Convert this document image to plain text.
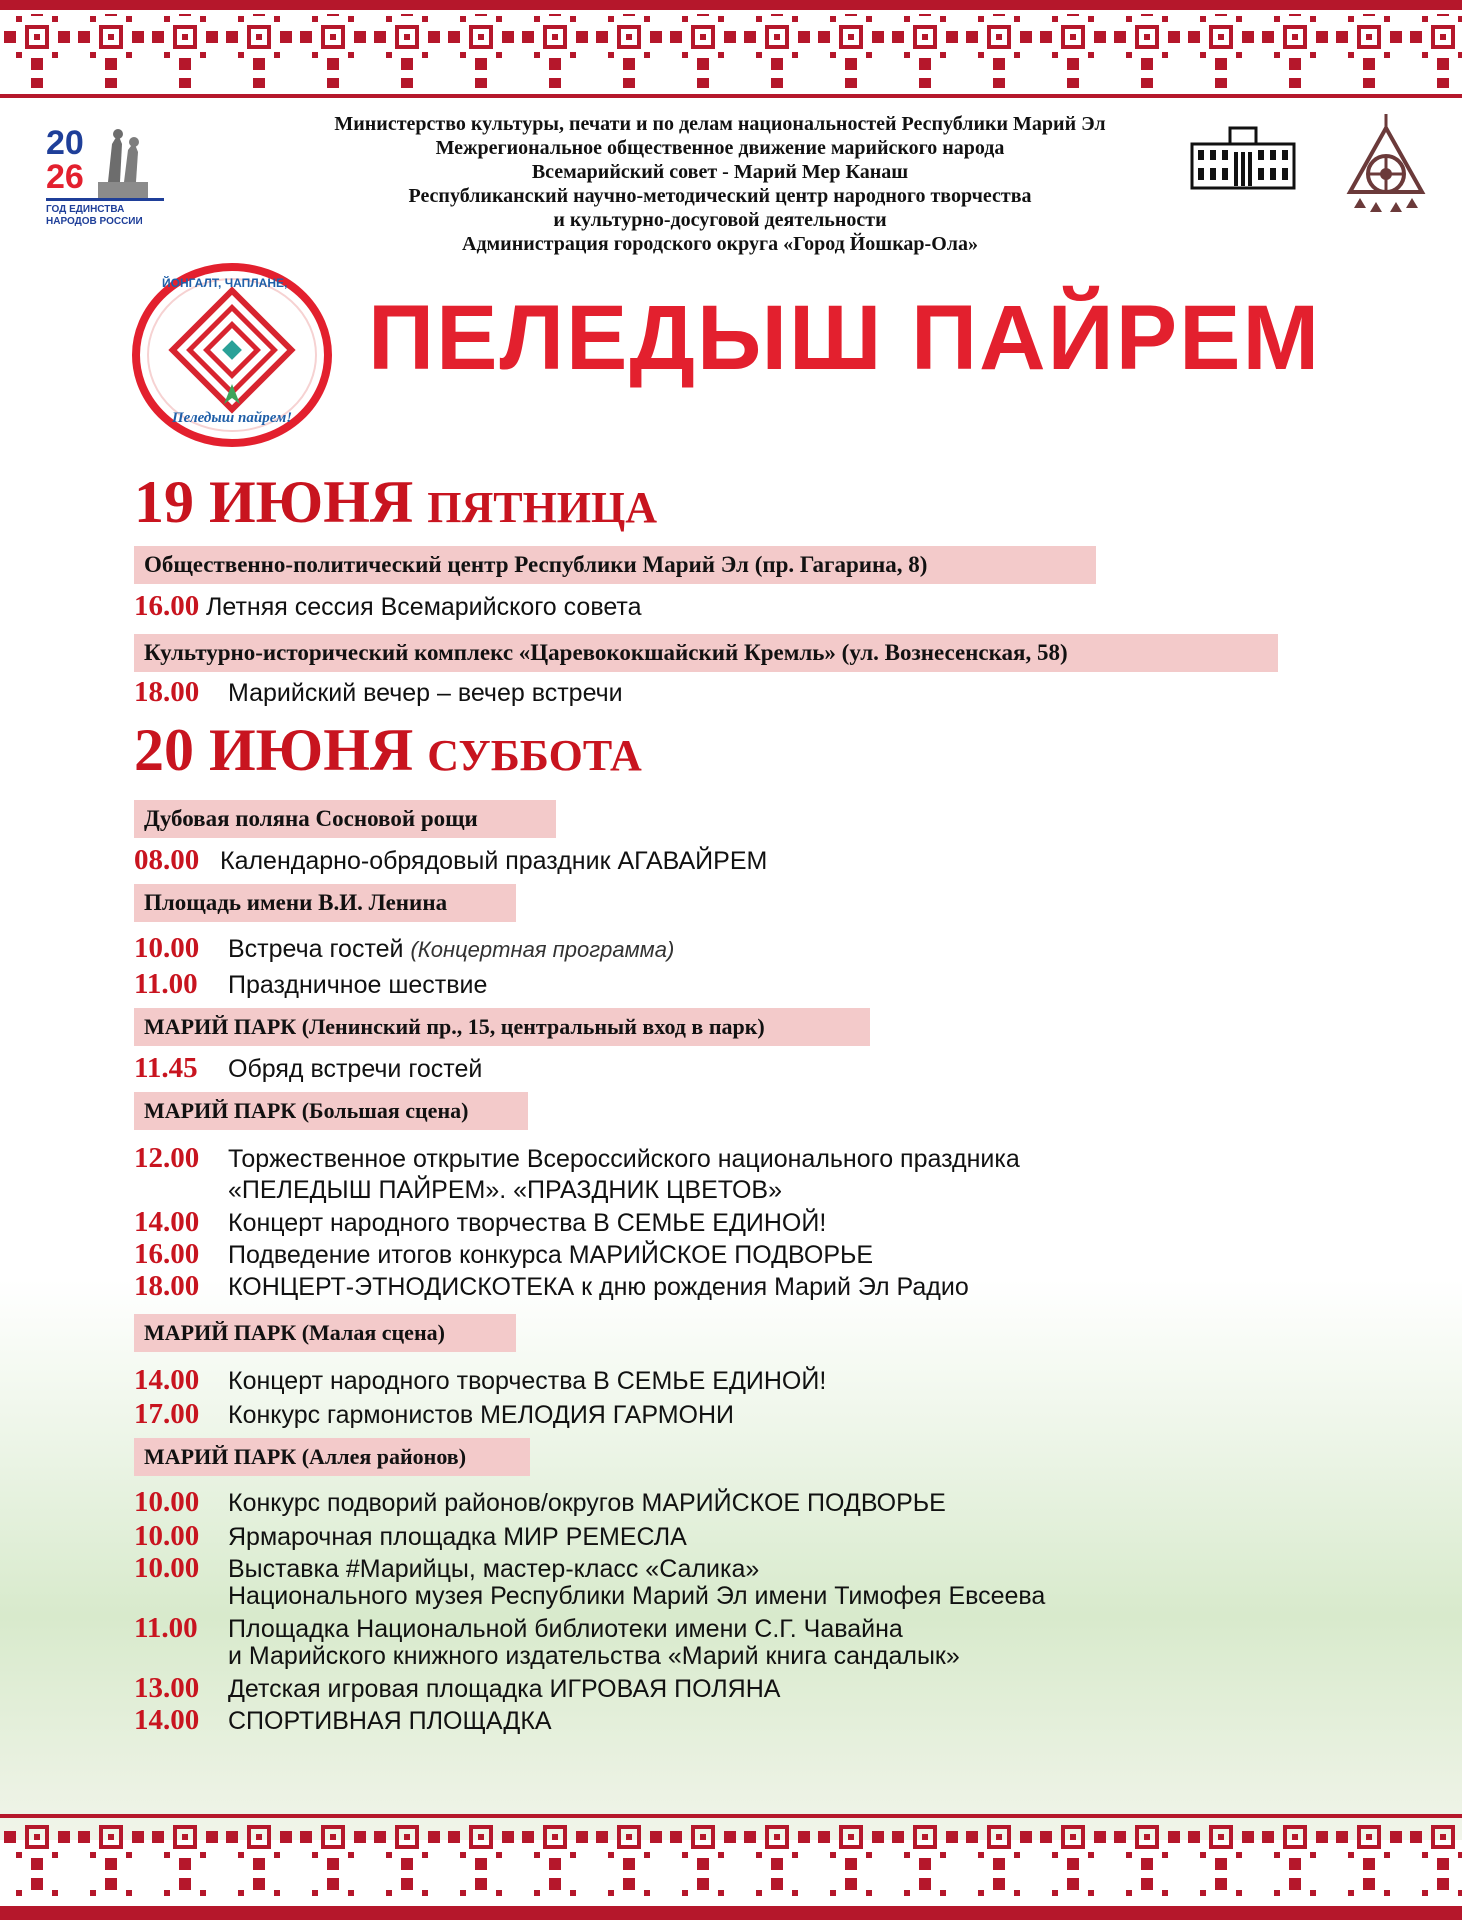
20
26
ГОД ЕДИНСТВА
НАРОДОВ РОССИИ
Министерство культуры, печати и по делам национальностей Республики Марий Эл
Межрегиональное общественное движение марийского народа
Всемарийский совет - Марий Мер Канаш
Республиканский научно-методический центр народного творчества
и культурно-досуговой деятельности
Администрация городского округа «Город Йошкар-Ола»
ЙОНГАЛТ, ЧАПЛАНЕ,
Пеледыш пайрем!
ПЕЛЕДЫШ ПАЙРЕМ
19 ИЮНЯ ПЯТНИЦА
Общественно-политический центр Республики Марий Эл (пр. Гагарина, 8)
16.00 Летняя сессия Всемарийского совета
Культурно-исторический комплекс «Царевококшайский Кремль» (ул. Вознесенская, 58)
18.00 Марийский вечер – вечер встречи
20 ИЮНЯ СУББОТА
Дубовая поляна Сосновой рощи
08.00 Календарно-обрядовый праздник АГАВАЙРЕМ
Площадь имени В.И. Ленина
10.00 Встреча гостей (Концертная программа)
11.00 Праздничное шествие
МАРИЙ ПАРК (Ленинский пр., 15, центральный вход в парк)
11.45 Обряд встречи гостей
МАРИЙ ПАРК (Большая сцена)
12.00 Торжественное открытие Всероссийского национального праздника
«ПЕЛЕДЫШ ПАЙРЕМ». «ПРАЗДНИК ЦВЕТОВ»
14.00 Концерт народного творчества В СЕМЬЕ ЕДИНОЙ!
16.00 Подведение итогов конкурса МАРИЙСКОЕ ПОДВОРЬЕ
18.00 КОНЦЕРТ-ЭТНОДИСКОТЕКА к дню рождения Марий Эл Радио
МАРИЙ ПАРК (Малая сцена)
14.00 Концерт народного творчества В СЕМЬЕ ЕДИНОЙ!
17.00 Конкурс гармонистов МЕЛОДИЯ ГАРМОНИ
МАРИЙ ПАРК (Аллея районов)
10.00 Конкурс подворий районов/округов МАРИЙСКОЕ ПОДВОРЬЕ
10.00 Ярмарочная площадка МИР РЕМЕСЛА
10.00 Выставка #Марийцы, мастер-класс «Салика»
Национального музея Республики Марий Эл имени Тимофея Евсеева
11.00 Площадка Национальной библиотеки имени С.Г. Чавайна
и Марийского книжного издательства «Марий книга сандалык»
13.00 Детская игровая площадка ИГРОВАЯ ПОЛЯНА
14.00 СПОРТИВНАЯ ПЛОЩАДКА
